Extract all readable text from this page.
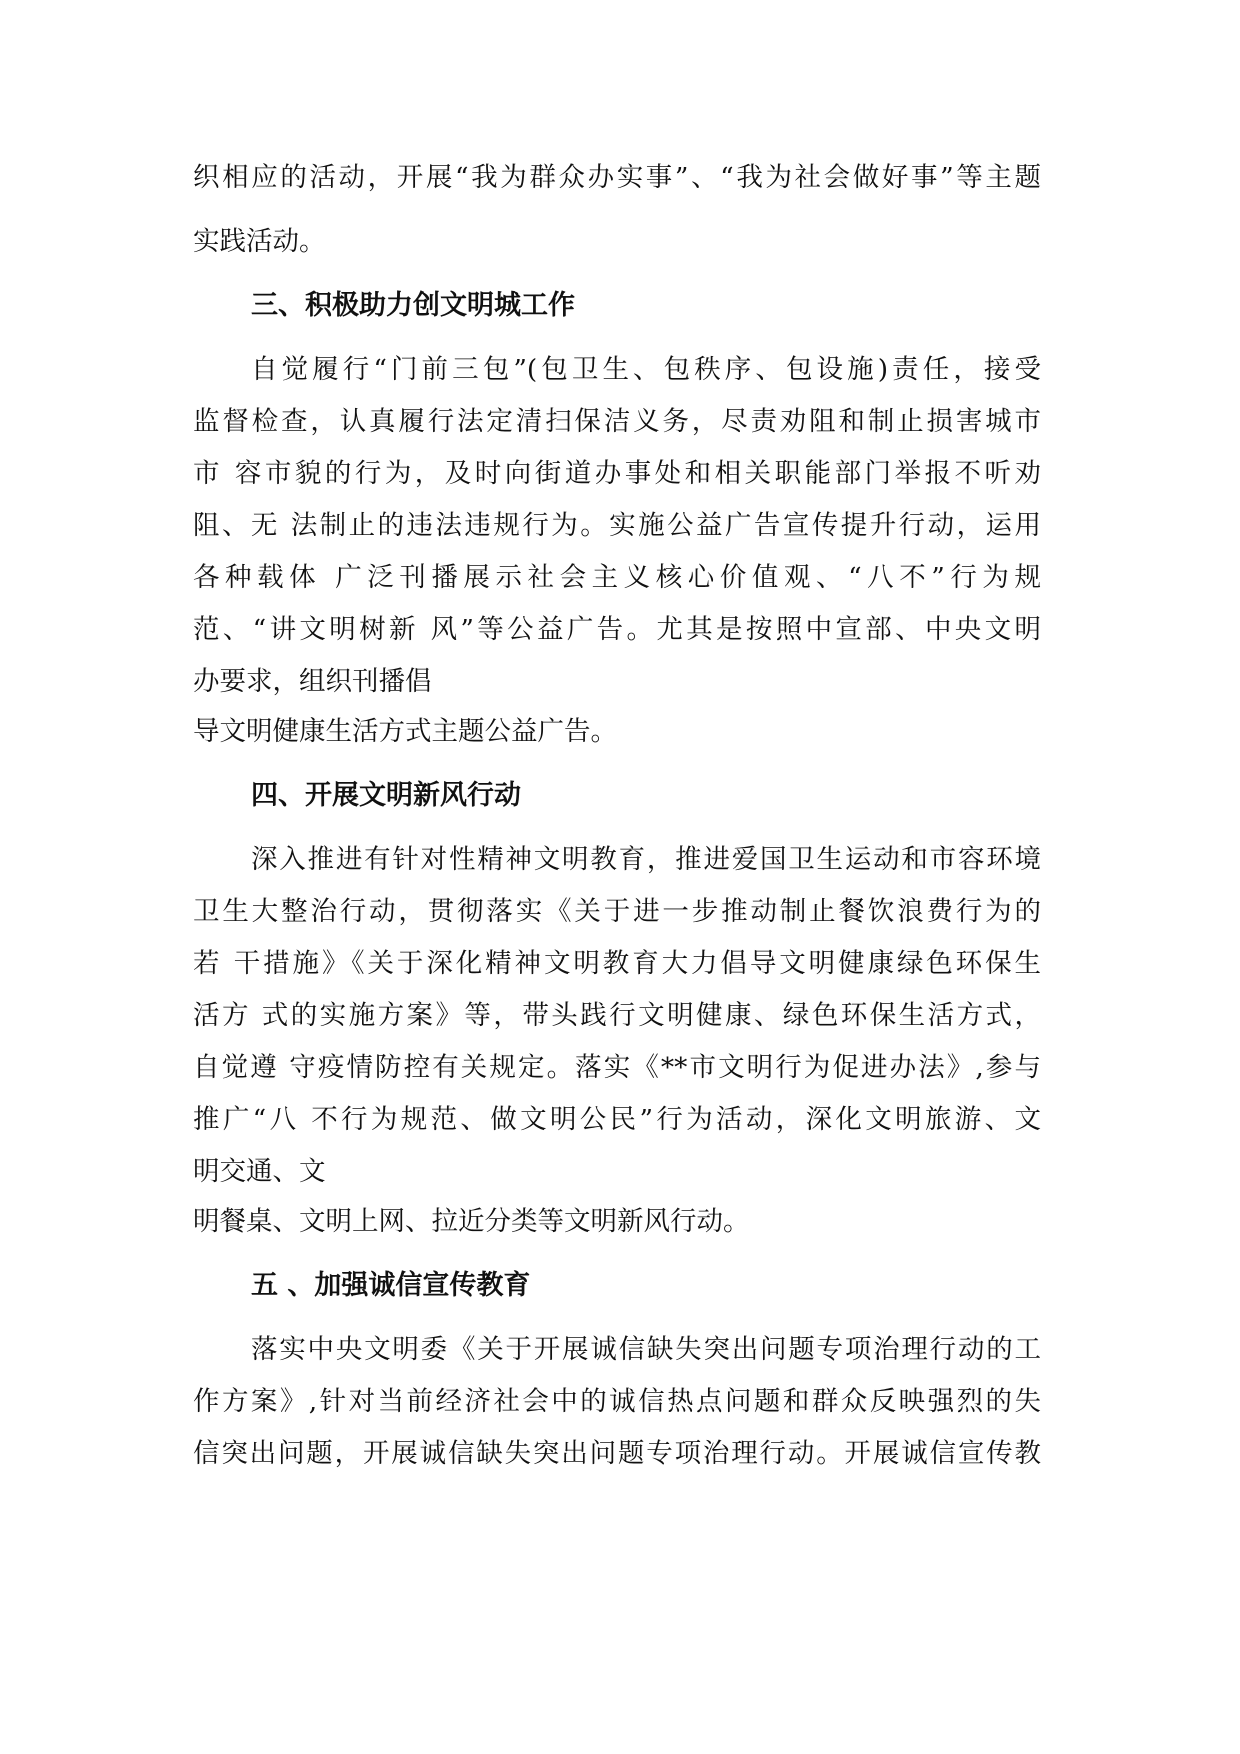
织相应的活动，开展“我为群众办实事”、“我为社会做好事”等主题
实践活动。
三、积极助力创文明城工作
自觉履行“门前三包”(包卫生、包秩序、包设施)责任，接受
监督检查，认真履行法定清扫保洁义务，尽责劝阻和制止损害城市
市 容市貌的行为，及时向街道办事处和相关职能部门举报不听劝
阻、无 法制止的违法违规行为。实施公益广告宣传提升行动，运用
各种载体 广泛刊播展示社会主义核心价值观、“八不”行为规
范、“讲文明树新 风”等公益广告。尤其是按照中宣部、中央文明
办要求，组织刊播倡
导文明健康生活方式主题公益广告。
四、开展文明新风行动
深入推进有针对性精神文明教育，推进爱国卫生运动和市容环境
卫生大整治行动，贯彻落实《关于进一步推动制止餐饮浪费行为的
若 干措施》《关于深化精神文明教育大力倡导文明健康绿色环保生
活方 式的实施方案》等，带头践行文明健康、绿色环保生活方式，
自觉遵 守疫情防控有关规定。落实《**市文明行为促进办法》,参与
推广“八 不行为规范、做文明公民”行为活动，深化文明旅游、文
明交通、文
明餐桌、文明上网、拉近分类等文明新风行动。
五 、加强诚信宣传教育
落实中央文明委《关于开展诚信缺失突出问题专项治理行动的工
作方案》,针对当前经济社会中的诚信热点问题和群众反映强烈的失
信突出问题，开展诚信缺失突出问题专项治理行动。开展诚信宣传教
